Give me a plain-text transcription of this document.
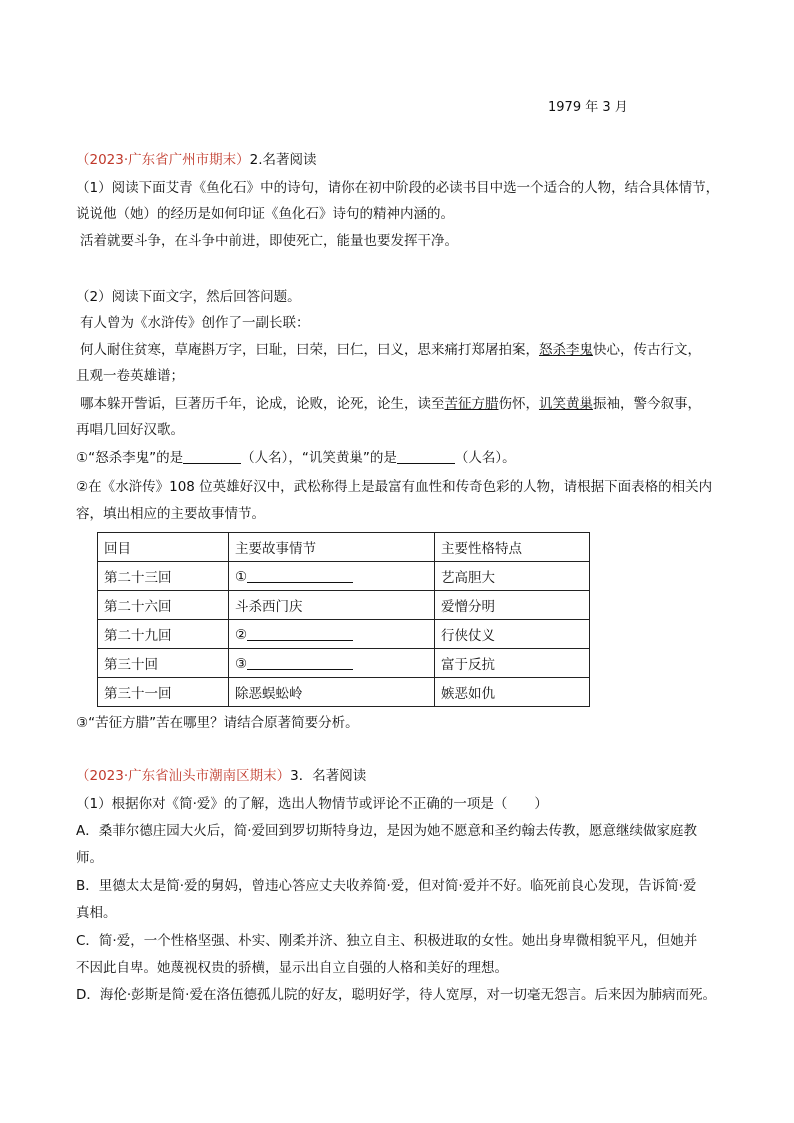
1979 年 3 月
（2023·广东省广州市期末）2.名著阅读
（1）阅读下面艾青《鱼化石》中的诗句，请你在初中阶段的必读书目中选一个适合的人物，结合具体情节，
说说他（她）的经历是如何印证《鱼化石》诗句的精神内涵的。
活着就要斗争，在斗争中前进，即使死亡，能量也要发挥干净。
（2）阅读下面文字，然后回答问题。
有人曾为《水浒传》创作了一副长联：
何人耐住贫寒，草庵斟万字，曰耻，曰荣，曰仁，曰义，思来痛打郑屠拍案，怒杀李鬼快心，传古行文，
且观一卷英雄谱；
哪本躲开訾诟，巨著历千年，论成，论败，论死，论生，读至苦征方腊伤怀，讥笑黄巢振袖，警今叙事，
再唱几回好汉歌。
①“怒杀李鬼”的是	（人名），“讥笑黄巢”的是	（人名）。
②在《水浒传》108 位英雄好汉中，武松称得上是最富有血性和传奇色彩的人物，请根据下面表格的相关内
容，填出相应的主要故事情节。
回目	主要故事情节	主要性格特点
第二十三回	①	艺高胆大
第二十六回	斗杀西门庆	爱憎分明
第二十九回	②	行侠仗义
第三十回	③	富于反抗
第三十一回	除恶蜈蚣岭	嫉恶如仇
③“苦征方腊”苦在哪里？请结合原著简要分析。
（2023·广东省汕头市潮南区期末）3．名著阅读
（1）根据你对《简·爱》的了解，选出人物情节或评论不正确的一项是（　　）
A．桑菲尔德庄园大火后，简·爱回到罗切斯特身边，是因为她不愿意和圣约翰去传教，愿意继续做家庭教
师。
B．里德太太是简·爱的舅妈，曾违心答应丈夫收养简·爱，但对简·爱并不好。临死前良心发现，告诉简·爱
真相。
C．简·爱，一个性格坚强、朴实、刚柔并济、独立自主、积极进取的女性。她出身卑微相貌平凡，但她并
不因此自卑。她蔑视权贵的骄横，显示出自立自强的人格和美好的理想。
D．海伦·彭斯是简·爱在洛伍德孤儿院的好友，聪明好学，待人宽厚，对一切毫无怨言。后来因为肺病而死。
